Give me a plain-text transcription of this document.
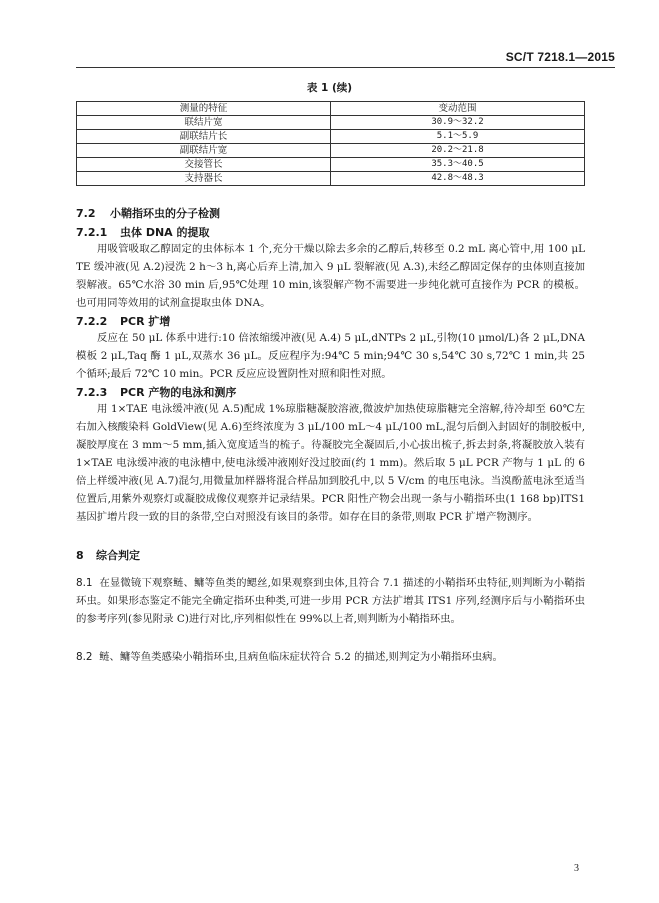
SC/T 7218.1—2015
表 1 (续)
测量的特征	变动范围
联结片宽	30.9～32.2
副联结片长	5.1～5.9
副联结片宽	20.2～21.8
交接管长	35.3～40.5
支持器长	42.8～48.3
7.2 小鞘指环虫的分子检测
7.2.1 虫体 DNA 的提取
用吸管吸取乙醇固定的虫体标本 1 个,充分干燥以除去多余的乙醇后,转移至 0.2 mL 离心管中,用 100 μL TE 缓冲液(见 A.2)浸洗 2 h～3 h,离心后弃上清,加入 9 μL 裂解液(见 A.3),未经乙醇固定保存的虫体则直接加裂解液。65℃水浴 30 min 后,95℃处理 10 min,该裂解产物不需要进一步纯化就可直接作为 PCR 的模板。也可用同等效用的试剂盒提取虫体 DNA。
7.2.2 PCR 扩增
反应在 50 μL 体系中进行:10 倍浓缩缓冲液(见 A.4) 5 μL,dNTPs 2 μL,引物(10 μmol/L)各 2 μL,DNA 模板 2 μL,Taq 酶 1 μL,双蒸水 36 μL。反应程序为:94℃ 5 min;94℃ 30 s,54℃ 30 s,72℃ 1 min,共 25 个循环;最后 72℃ 10 min。PCR 反应应设置阴性对照和阳性对照。
7.2.3 PCR 产物的电泳和测序
用 1×TAE 电泳缓冲液(见 A.5)配成 1%琼脂糖凝胶溶液,微波炉加热使琼脂糖完全溶解,待冷却至 60℃左右加入核酸染料 GoldView(见 A.6)至终浓度为 3 μL/100 mL～4 μL/100 mL,混匀后倒入封固好的制胶板中,凝胶厚度在 3 mm～5 mm,插入宽度适当的梳子。待凝胶完全凝固后,小心拔出梳子,拆去封条,将凝胶放入装有 1×TAE 电泳缓冲液的电泳槽中,使电泳缓冲液刚好没过胶面(约 1 mm)。然后取 5 μL PCR 产物与 1 μL 的 6 倍上样缓冲液(见 A.7)混匀,用微量加样器将混合样品加到胶孔中,以 5 V/cm 的电压电泳。当溴酚蓝电泳至适当位置后,用紫外观察灯或凝胶成像仪观察并记录结果。PCR 阳性产物会出现一条与小鞘指环虫(1 168 bp)ITS1 基因扩增片段一致的目的条带,空白对照没有该目的条带。如存在目的条带,则取 PCR 扩增产物测序。
8 综合判定
8.1 在显微镜下观察鲢、鳙等鱼类的鳃丝,如果观察到虫体,且符合 7.1 描述的小鞘指环虫特征,则判断为小鞘指环虫。如果形态鉴定不能完全确定指环虫种类,可进一步用 PCR 方法扩增其 ITS1 序列,经测序后与小鞘指环虫的参考序列(参见附录 C)进行对比,序列相似性在 99%以上者,则判断为小鞘指环虫。
8.2 鲢、鳙等鱼类感染小鞘指环虫,且病鱼临床症状符合 5.2 的描述,则判定为小鞘指环虫病。
3
